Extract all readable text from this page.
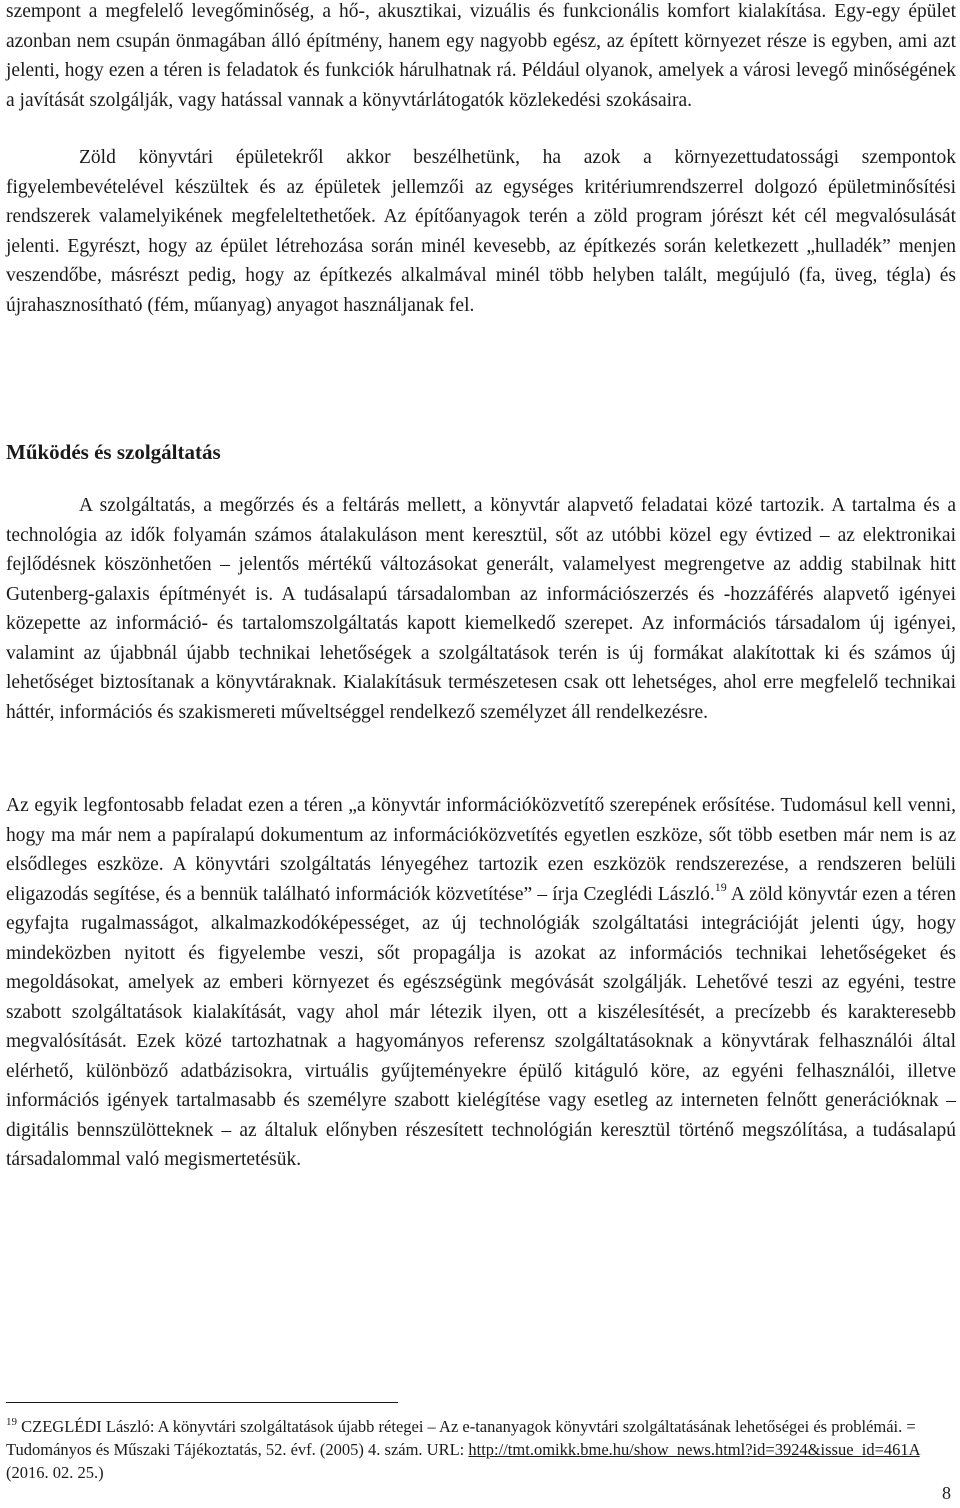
szempont a megfelelő levegőminőség, a hő-, akusztikai, vizuális és funkcionális komfort kialakítása. Egy-egy épület azonban nem csupán önmagában álló építmény, hanem egy nagyobb egész, az épített környezet része is egyben, ami azt jelenti, hogy ezen a téren is feladatok és funkciók hárulhatnak rá. Például olyanok, amelyek a városi levegő minőségének a javítását szolgálják, vagy hatással vannak a könyvtárlátogatók közlekedési szokásaira.

Zöld könyvtári épületekről akkor beszélhetünk, ha azok a környezettudatossági szempontok figyelembevételével készültek és az épületek jellemzői az egységes kritériumrendszerrel dolgozó épületminősítési rendszerek valamelyikének megfeleltethetőek. Az építőanyagok terén a zöld program jórészt két cél megvalósulását jelenti. Egyrészt, hogy az épület létrehozása során minél kevesebb, az építkezés során keletkezett „hulladék” menjen veszendőbe, másrészt pedig, hogy az építkezés alkalmával minél több helyben talált, megújuló (fa, üveg, tégla) és újrahasznosítható (fém, műanyag) anyagot használjanak fel.

Működés és szolgáltatás

A szolgáltatás, a megőrzés és a feltárás mellett, a könyvtár alapvető feladatai közé tartozik. A tartalma és a technológia az idők folyamán számos átalakuláson ment keresztül, sőt az utóbbi közel egy évtized – az elektronikai fejlődésnek köszönhetően – jelentős mértékű változásokat generált, valamelyest megrengetve az addig stabilnak hitt Gutenberg-galaxis építményét is. A tudásalapú társadalomban az információszerzés és -hozzáférés alapvető igényei közepette az információ- és tartalomszolgáltatás kapott kiemelkedő szerepet. Az információs társadalom új igényei, valamint az újabbnál újabb technikai lehetőségek a szolgáltatások terén is új formákat alakítottak ki és számos új lehetőséget biztosítanak a könyvtáraknak. Kialakításuk természetesen csak ott lehetséges, ahol erre megfelelő technikai háttér, információs és szakismereti műveltséggel rendelkező személyzet áll rendelkezésre.

Az egyik legfontosabb feladat ezen a téren „a könyvtár információközvetítő szerepének erősítése. Tudomásul kell venni, hogy ma már nem a papíralapú dokumentum az információközvetítés egyetlen eszköze, sőt több esetben már nem is az elsődleges eszköze. A könyvtári szolgáltatás lényegéhez tartozik ezen eszközök rendszerezése, a rendszeren belüli eligazodás segítése, és a bennük található információk közvetítése” – írja Czeglédi László.$^{19}$ A zöld könyvtár ezen a téren egyfajta rugalmasságot, alkalmazkodóképességet, az új technológiák szolgáltatási integrációját jelenti úgy, hogy mindeközben nyitott és figyelembe veszi, sőt propagálja is azokat az információs technikai lehetőségeket és megoldásokat, amelyek az emberi környezet és egészségünk megóvását szolgálják. Lehetővé teszi az egyéni, testre szabott szolgáltatások kialakítását, vagy ahol már létezik ilyen, ott a kiszélesítését, a precízebb és karakteresebb megvalósítását. Ezek közé tartozhatnak a hagyományos referensz szolgáltatásoknak a könyvtárak felhasználói által elérhető, különböző adatbázisokra, virtuális gyűjteményekre épülő kitáguló köre, az egyéni felhasználói, illetve információs igények tartalmasabb és személyre szabott kielégítése vagy esetleg az interneten felnőtt generációknak – digitális bennszülötteknek – az általuk előnyben részesített technológián keresztül történő megszólítása, a tudásalapú társadalommal való megismertetésük.

$^{19}$ CZEGLÉDI László: A könyvtári szolgáltatások újabb rétegei – Az e-tananyagok könyvtári szolgáltatásának lehetőségei és problémái. = Tudományos és Műszaki Tájékoztatás, 52. évf. (2005) 4. szám. URL: http://tmt.omikk.bme.hu/show_news.html?id=3924&issue_id=461A (2016. 02. 25.)
8
